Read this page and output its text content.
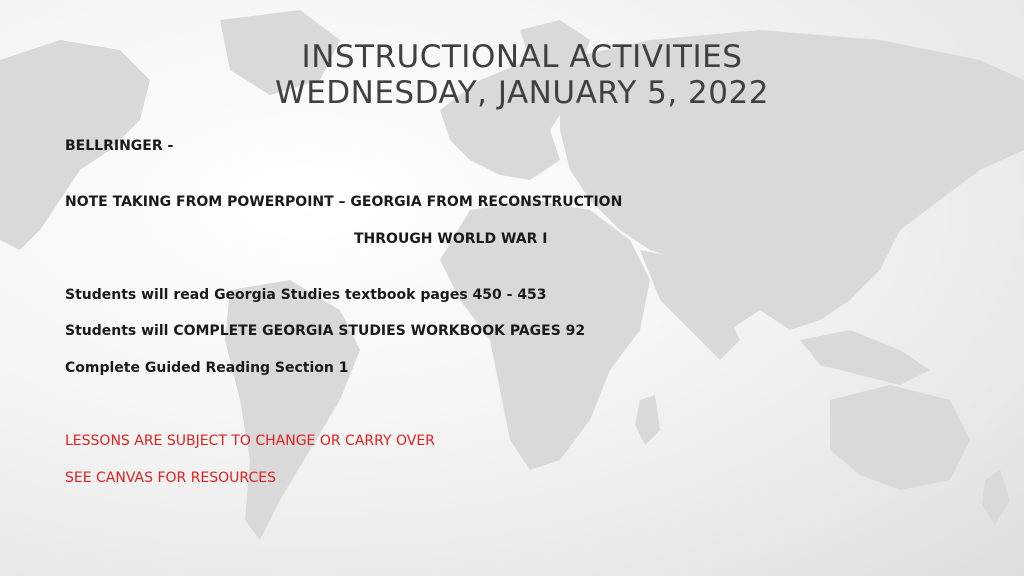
INSTRUCTIONAL ACTIVITIES
WEDNESDAY, JANUARY 5, 2022
BELLRINGER -
NOTE TAKING FROM POWERPOINT – GEORGIA FROM RECONSTRUCTION
THROUGH WORLD WAR I
Students will read Georgia Studies textbook pages 450 - 453
Students will COMPLETE GEORGIA STUDIES WORKBOOK PAGES 92
Complete Guided Reading Section 1
LESSONS ARE SUBJECT TO CHANGE OR CARRY OVER
SEE CANVAS FOR RESOURCES
